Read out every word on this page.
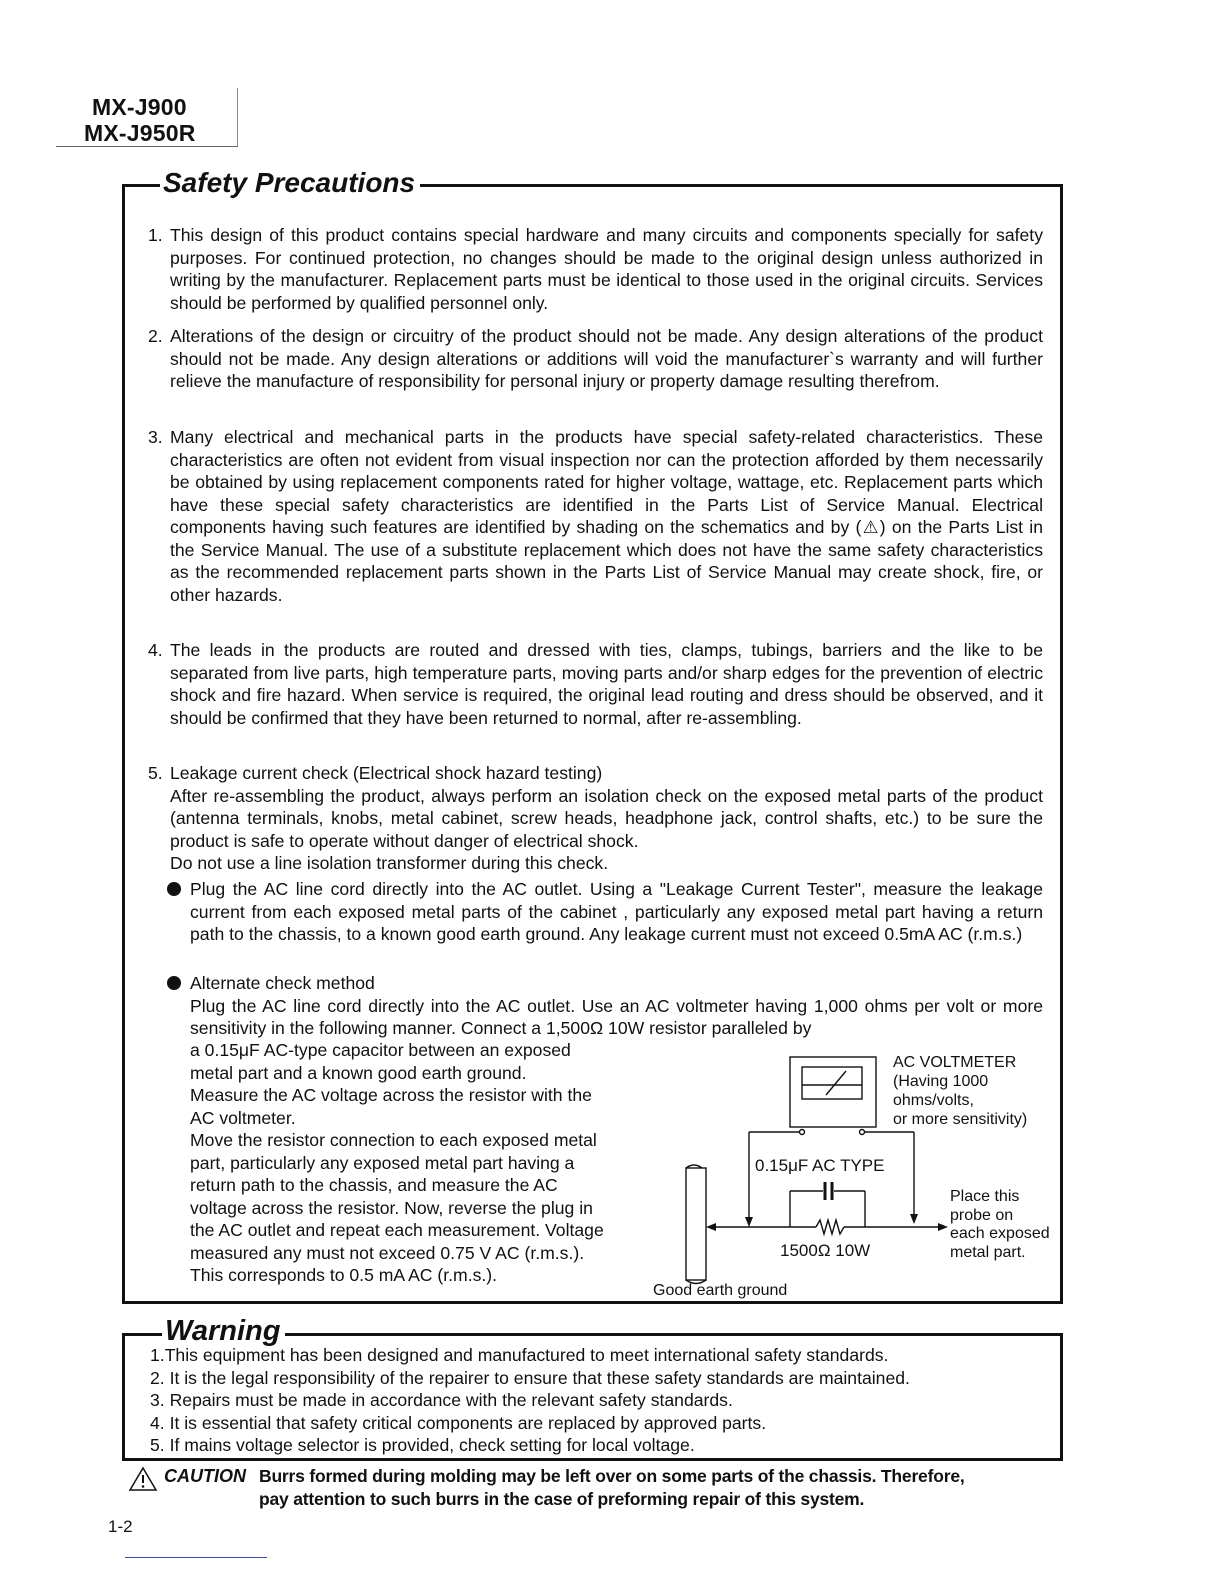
MX-J900
MX-J950R
Safety Precautions
1. This design of this product contains special hardware and many circuits and components specially for safety purposes. For continued protection, no changes should be made to the original design unless authorized in writing by the manufacturer. Replacement parts must be identical to those used in the original circuits. Services should be performed by qualified personnel only.
2. Alterations of the design or circuitry of the product should not be made. Any design alterations of the product should not be made. Any design alterations or additions will void the manufacturer`s warranty and will further relieve the manufacture of responsibility for personal injury or property damage resulting therefrom.
3. Many electrical and mechanical parts in the products have special safety-related characteristics. These characteristics are often not evident from visual inspection nor can the protection afforded by them necessarily be obtained by using replacement components rated for higher voltage, wattage, etc. Replacement parts which have these special safety characteristics are identified in the Parts List of Service Manual. Electrical components having such features are identified by shading on the schematics and by (⚠) on the Parts List in the Service Manual. The use of a substitute replacement which does not have the same safety characteristics as the recommended replacement parts shown in the Parts List of Service Manual may create shock, fire, or other hazards.
4. The leads in the products are routed and dressed with ties, clamps, tubings, barriers and the like to be separated from live parts, high temperature parts, moving parts and/or sharp edges for the prevention of electric shock and fire hazard. When service is required, the original lead routing and dress should be observed, and it should be confirmed that they have been returned to normal, after re-assembling.
5. Leakage current check (Electrical shock hazard testing)
After re-assembling the product, always perform an isolation check on the exposed metal parts of the product (antenna terminals, knobs, metal cabinet, screw heads, headphone jack, control shafts, etc.) to be sure the product is safe to operate without danger of electrical shock.
Do not use a line isolation transformer during this check.
Plug the AC line cord directly into the AC outlet. Using a "Leakage Current Tester", measure the leakage current from each exposed metal parts of the cabinet , particularly any exposed metal part having a return path to the chassis, to a known good earth ground. Any leakage current must not exceed 0.5mA AC (r.m.s.)
Alternate check method
Plug the AC line cord directly into the AC outlet. Use an AC voltmeter having 1,000 ohms per volt or more sensitivity in the following manner. Connect a 1,500Ω 10W resistor paralleled by
a 0.15μF AC-type capacitor between an exposed
metal part and a known good earth ground.
Measure the AC voltage across the resistor with the
AC voltmeter.
Move the resistor connection to each exposed metal
part, particularly any exposed metal part having a
return path to the chassis, and measure the AC
voltage across the resistor. Now, reverse the plug in
the AC outlet and repeat each measurement. Voltage
measured any must not exceed 0.75 V AC (r.m.s.).
This corresponds to 0.5 mA AC (r.m.s.).
AC VOLTMETER
(Having 1000
ohms/volts,
or more sensitivity)
0.15μF AC TYPE
1500Ω 10W
Place this
probe on
each exposed
metal part.
Good earth ground
Warning
1.This equipment has been designed and manufactured to meet international safety standards.
2. It is the legal responsibility of the repairer to ensure that these safety standards are maintained.
3. Repairs must be made in accordance with the relevant safety standards.
4. It is essential that safety critical components are replaced by approved parts.
5. If mains voltage selector is provided, check setting for local voltage.
CAUTION Burrs formed during molding may be left over on some parts of the chassis. Therefore,
pay attention to such burrs in the case of preforming repair of this system.
1-2
